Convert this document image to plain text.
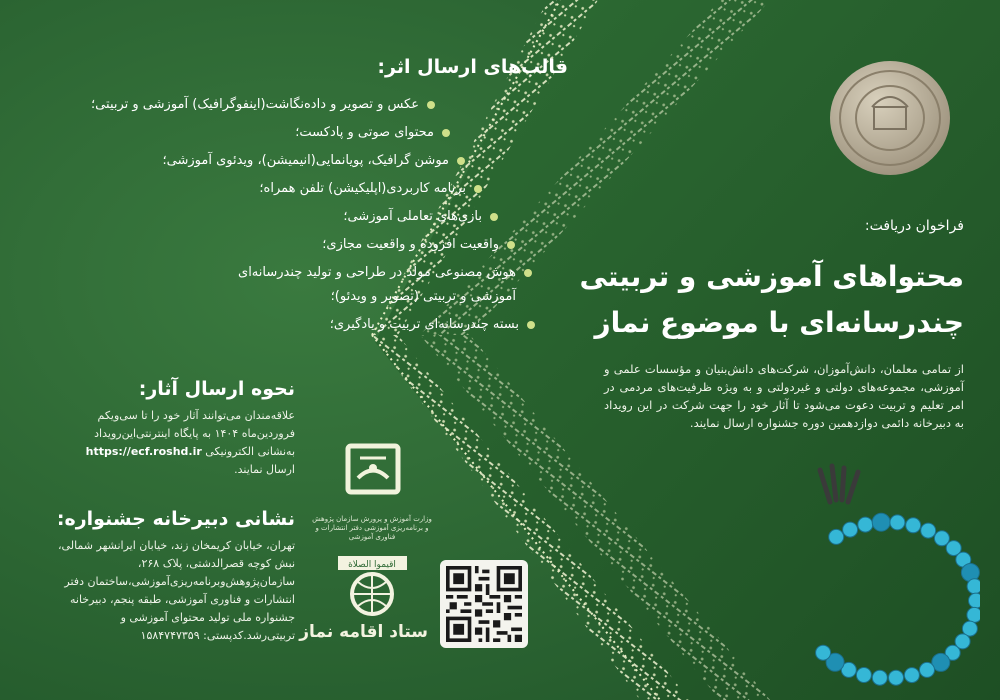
قالب‌های ارسال اثر:
عکس و تصویر و داده‌نگاشت(اینفوگرافیک) آموزشی و تربیتی؛
محتوای صوتی و پادکست؛
موشن گرافیک، پویانمایی(انیمیشن)، ویدئوی آموزشی؛
برنامه کاربردی(اپلیکیشن) تلفن همراه؛
بازی‌های تعاملی آموزشی؛
واقعیت افزوده و واقعیت مجازی؛
هوش مصنوعی مولد در طراحی و تولید چندرسانه‌ای
آموزشی و تربیتی (تصویر و ویدئو)؛
بسته چندرسانه‌ای تربیت و یادگیری؛

فراخوان دریافت:

محتواهای آموزشی و تربیتی
چندرسانه‌ای با موضوع نماز

از تمامی معلمان، دانش‌آموزان، شرکت‌های دانش‌بنیان و مؤسسات علمی و آموزشی، مجموعه‌های دولتی و غیردولتی و به ویژه ظرفیت‌های مردمی در امر تعلیم و تربیت دعوت می‌شود تا آثار خود را جهت شرکت در این رویداد به دبیرخانه دائمی دوازدهمین دوره جشنواره ارسال نمایند.

نحوه ارسال آثار:

علاقه‌مندان می‌توانند آثار خود را تا سی‌ویکم فروردین‌ماه ۱۴۰۴ به پایگاه اینترنتی‌این‌رویداد به‌نشانی الکترونیکی https://ecf.roshd.ir ارسال نمایند.

نشانی دبیرخانه جشنواره:

تهران، خیابان کریمخان زند، خیابان ایرانشهر شمالی، نبش کوچه قصرالدشتی، پلاک ۲۶۸، سازمان‌پژوهش‌وبرنامه‌ریزی‌آموزشی،ساختمان دفتر انتشارات و فناوری آموزشی، طبقه پنجم، دبیرخانه جشنواره ملی تولید محتوای آموزشی و تربیتی‌رشد.کدپستی: ۱۵۸۴۷۴۷۳۵۹

وزارت آموزش و پرورش سازمان پژوهش و برنامه‌ریزی آموزشی دفتر انتشارات و فناوری آموزشی
اقیموا الصلاة
ستاد اقامه نماز
